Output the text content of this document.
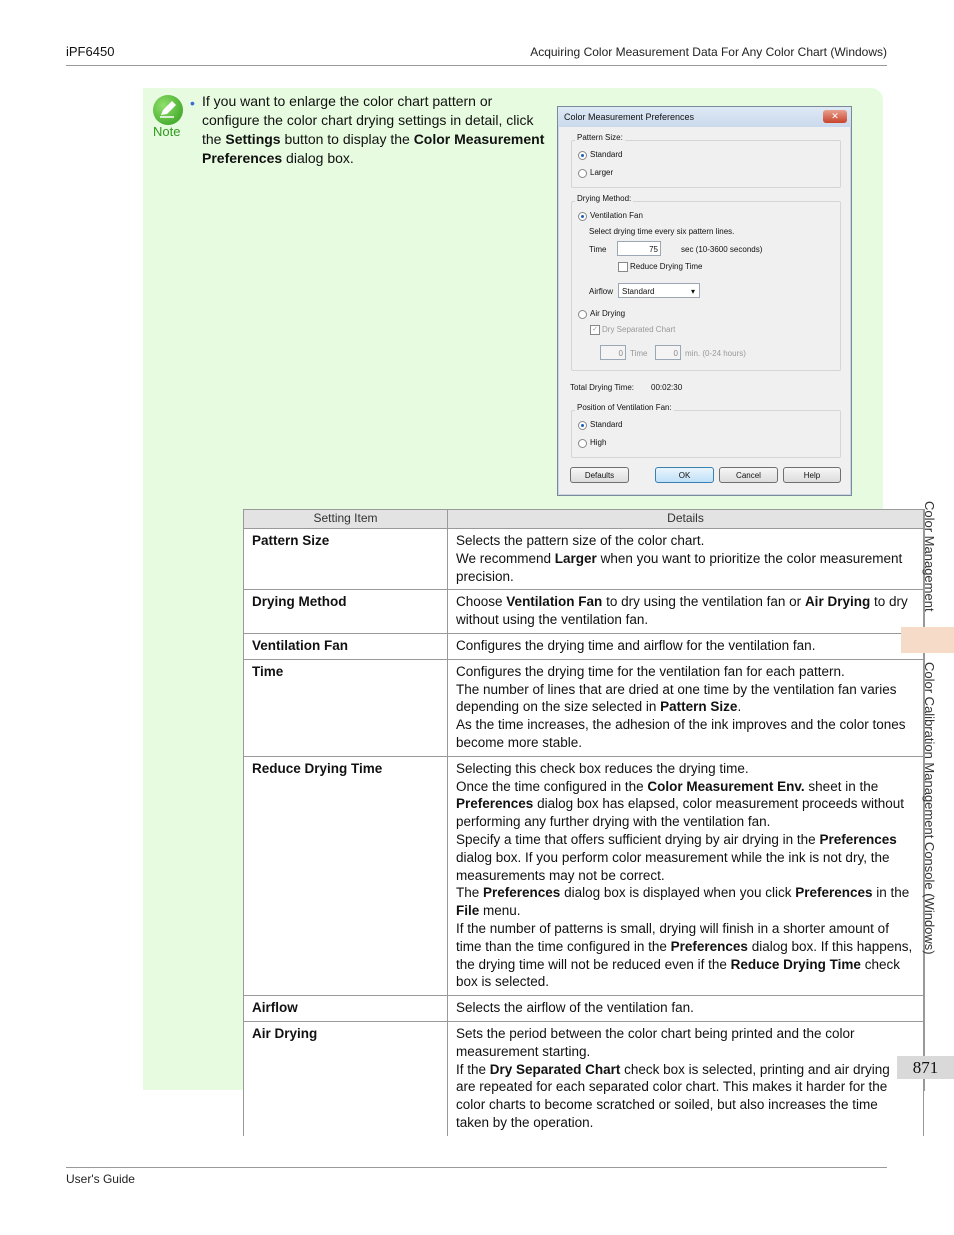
iPF6450	Acquiring Color Measurement Data For Any Color Chart (Windows)
Note
• If you want to enlarge the color chart pattern or configure the color chart drying settings in detail, click the Settings button to display the Color Measurement Preferences dialog box.
Color Measurement Preferences	✕
Pattern Size:
Standard
Larger
Drying Method:
Ventilation Fan
Select drying time every six pattern lines.
Time	75	sec (10-3600 seconds)
Reduce Drying Time
Airflow	Standard	▾
Air Drying
✓ Dry Separated Chart
0 Time	0 min. (0-24 hours)
Total Drying Time: 00:02:30
Position of Ventilation Fan:
Standard
High
Defaults	OK	Cancel	Help
Setting Item	Details
Pattern Size	Selects the pattern size of the color chart.
We recommend Larger when you want to prioritize the color measurement precision.

Drying Method	Choose Ventilation Fan to dry using the ventilation fan or Air Drying to dry without using the ventilation fan.
Ventilation Fan	Configures the drying time and airflow for the ventilation fan.
Time	Configures the drying time for the ventilation fan for each pattern.
The number of lines that are dried at one time by the ventilation fan varies depending on the size selected in Pattern Size.
As the time increases, the adhesion of the ink improves and the color tones become more stable.

Reduce Drying Time	Selecting this check box reduces the drying time.
Once the time configured in the Color Measurement Env. sheet in the Preferences dialog box has elapsed, color measurement proceeds without performing any further drying with the ventilation fan.
Specify a time that offers sufficient drying by air drying in the Preferences dialog box. If you perform color measurement while the ink is not dry, the measurements may not be correct.
The Preferences dialog box is displayed when you click Preferences in the File menu.
If the number of patterns is small, drying will finish in a shorter amount of time than the time configured in the Preferences dialog box. If this happens, the drying time will not be reduced even if the Reduce Drying Time check box is selected.

Airflow	Selects the airflow of the ventilation fan.
Air Drying	Sets the period between the color chart being printed and the color measurement starting.
If the Dry Separated Chart check box is selected, printing and air drying are repeated for each separated color chart. This makes it harder for the color charts to become scratched or soiled, but also increases the time taken by the operation.
Color Management
Color Calibration Management Console (Windows)
871
User's Guide
